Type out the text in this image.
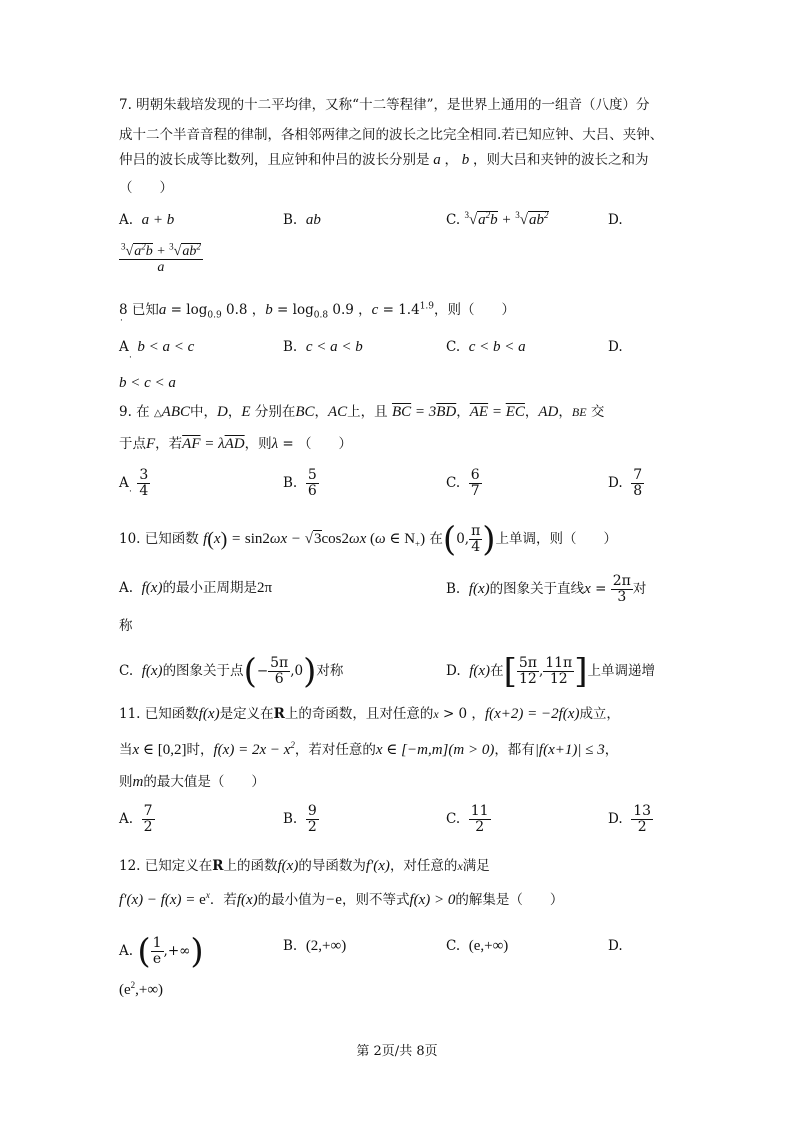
7. 明朝朱载培发现的十二平均律，又称“十二等程律”，是世界上通用的一组音（八度）分
成十二个半音音程的律制，各相邻两律之间的波长之比完全相同.若已知应钟、大吕、夹钟、
仲吕的波长成等比数列，且应钟和仲吕的波长分别是 a ， b ，则大吕和夹钟的波长之和为
（　　）
A. a + b	B. ab	C. $^3√a^2b + ^3√ab^2$	D.
$\frac{^3√a^2b + ^3√ab^2}{a}$
8 已知$a = \log_{0.9} 0.8$ ，$b = \log_{0.8} 0.9$ ，$c = 1.4^{1.9}$，则（　　）
·
A b < a < c
·
B. c < a < b	C. c < b < a	D.
b < c < a
9. 在 △ABC中，D，E 分别在BC，AC上，且 $\overline{BC} = 3\overline{BD}$，$\overline{AE} = \overline{EC}$，AD，BE 交
于点F，若$\overline{AF} = \lambda\overline{AD}$，则λ = （　　）
A $\frac{3}{4}$
·
B. $\frac{5}{6}$	C. $\frac{6}{7}$	D. $\frac{7}{8}$
10. 已知函数 f(x) = sin2ωx − √3cos2ωx (ω ∈ $N_+$) 在(0, $\frac{\pi}{4}$ )上单调，则（　　）
A. f(x)的最小正周期是2π	B. f(x)的图象关于直线$x = \frac{2\pi}{3}$ 对
称
C. f(x)的图象关于点(− $\frac{5\pi}{6} ,0$)对称	D. f(x)在[ $\frac{5\pi}{12}$ , $\frac{11\pi}{12}$ ]上单调递增
11. 已知函数f(x)是定义在R上的奇函数，且对任意的x > 0 ，f(x+2) = −2f(x)成立，
当x ∈ [0,2]时，$f(x) = 2x - x^2$，若对任意的x ∈ [−m,m](m > 0)，都有|f(x+1)| ≤ 3，
则m的最大值是（　　）
A. $\frac{7}{2}$	B. $\frac{9}{2}$	C. $\frac{11}{2}$	D. $\frac{13}{2}$
12. 已知定义在R上的函数f(x)的导函数为f′(x)，对任意的x满足
$f'(x) - f(x) = e^x$．若f(x)的最小值为−e，则不等式f(x) > 0的解集是（　　）
A. ( $\frac{1}{e}$ ,+∞)	B. (2,+∞)	C. (e,+∞)	D.
$(e^2,+\infty)$
第 2页/共 8页
